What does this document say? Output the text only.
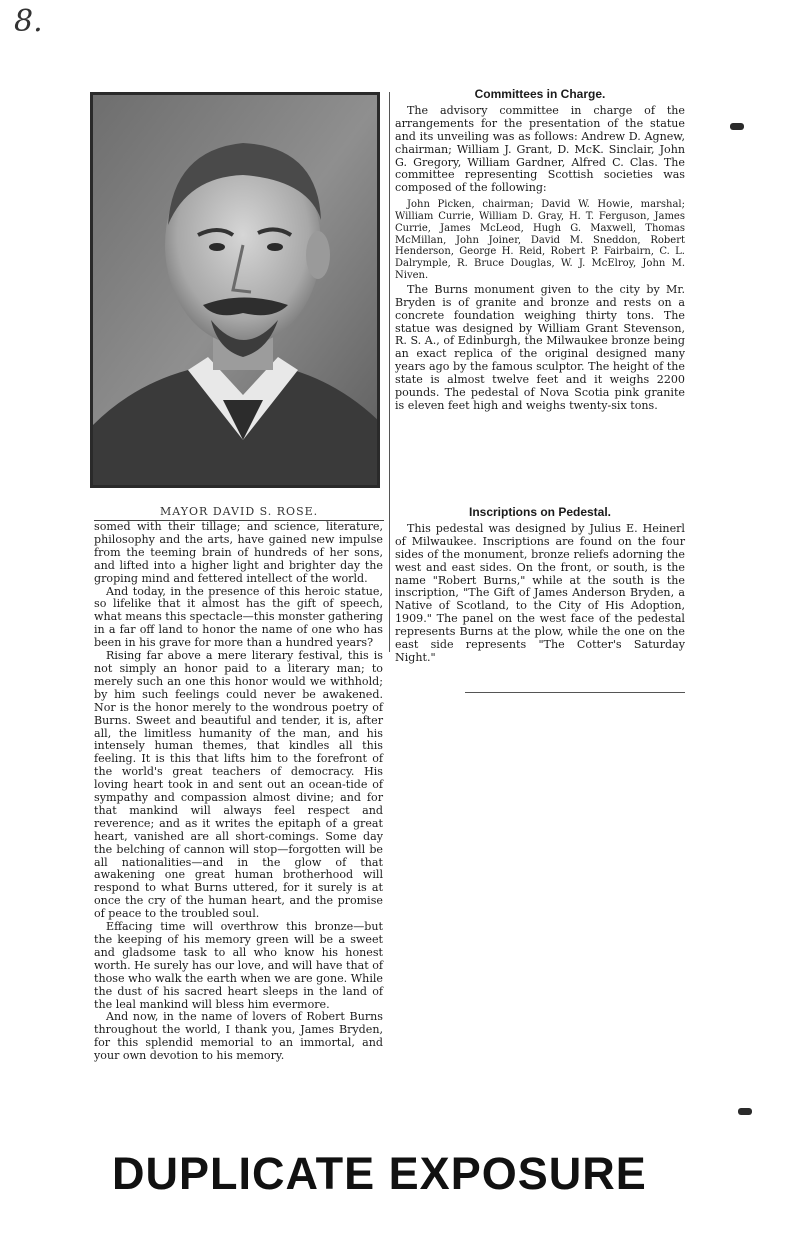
8.
MAYOR DAVID S. ROSE.

somed with their tillage; and science, literature, philosophy and the arts, have gained new impulse from the teeming brain of hundreds of her sons, and lifted into a higher light and brighter day the groping mind and fettered intellect of the world.

And today, in the presence of this heroic statue, so lifelike that it almost has the gift of speech, what means this spectacle—this monster gathering in a far off land to honor the name of one who has been in his grave for more than a hundred years?

Rising far above a mere literary festival, this is not simply an honor paid to a literary man; to merely such an one this honor would we withhold; by him such feelings could never be awakened. Nor is the honor merely to the wondrous poetry of Burns. Sweet and beautiful and tender, it is, after all, the limitless humanity of the man, and his intensely human themes, that kindles all this feeling. It is this that lifts him to the forefront of the world's great teachers of democracy. His loving heart took in and sent out an ocean-tide of sympathy and compassion almost divine; and for that mankind will always feel respect and reverence; and as it writes the epitaph of a great heart, vanished are all short-comings. Some day the belching of cannon will stop—forgotten will be all nationalities—and in the glow of that awakening one great human brotherhood will respond to what Burns uttered, for it surely is at once the cry of the human heart, and the promise of peace to the troubled soul.

Effacing time will overthrow this bronze—but the keeping of his memory green will be a sweet and gladsome task to all who know his honest worth. He surely has our love, and will have that of those who walk the earth when we are gone. While the dust of his sacred heart sleeps in the land of the leal mankind will bless him evermore.

And now, in the name of lovers of Robert Burns throughout the world, I thank you, James Bryden, for this splendid memorial to an immortal, and your own devotion to his memory.

Committees in Charge.

The advisory committee in charge of the arrangements for the presentation of the statue and its unveiling was as follows: Andrew D. Agnew, chairman; William J. Grant, D. McK. Sinclair, John G. Gregory, William Gardner, Alfred C. Clas. The committee representing Scottish societies was composed of the following:

John Picken, chairman; David W. Howie, marshal; William Currie, William D. Gray, H. T. Ferguson, James Currie, James McLeod, Hugh G. Maxwell, Thomas McMillan, John Joiner, David M. Sneddon, Robert Henderson, George H. Reid, Robert P. Fairbairn, C. L. Dalrymple, R. Bruce Douglas, W. J. McElroy, John M. Niven.

The Burns monument given to the city by Mr. Bryden is of granite and bronze and rests on a concrete foundation weighing thirty tons. The statue was designed by William Grant Stevenson, R. S. A., of Edinburgh, the Milwaukee bronze being an exact replica of the original designed many years ago by the famous sculptor. The height of the state is almost twelve feet and it weighs 2200 pounds. The pedestal of Nova Scotia pink granite is eleven feet high and weighs twenty-six tons.

Inscriptions on Pedestal.

This pedestal was designed by Julius E. Heinerl of Milwaukee. Inscriptions are found on the four sides of the monument, bronze reliefs adorning the west and east sides. On the front, or south, is the name "Robert Burns," while at the south is the inscription, "The Gift of James Anderson Bryden, a Native of Scotland, to the City of His Adoption, 1909." The panel on the west face of the pedestal represents Burns at the plow, while the one on the east side represents "The Cotter's Saturday Night."

DUPLICATE EXPOSURE
